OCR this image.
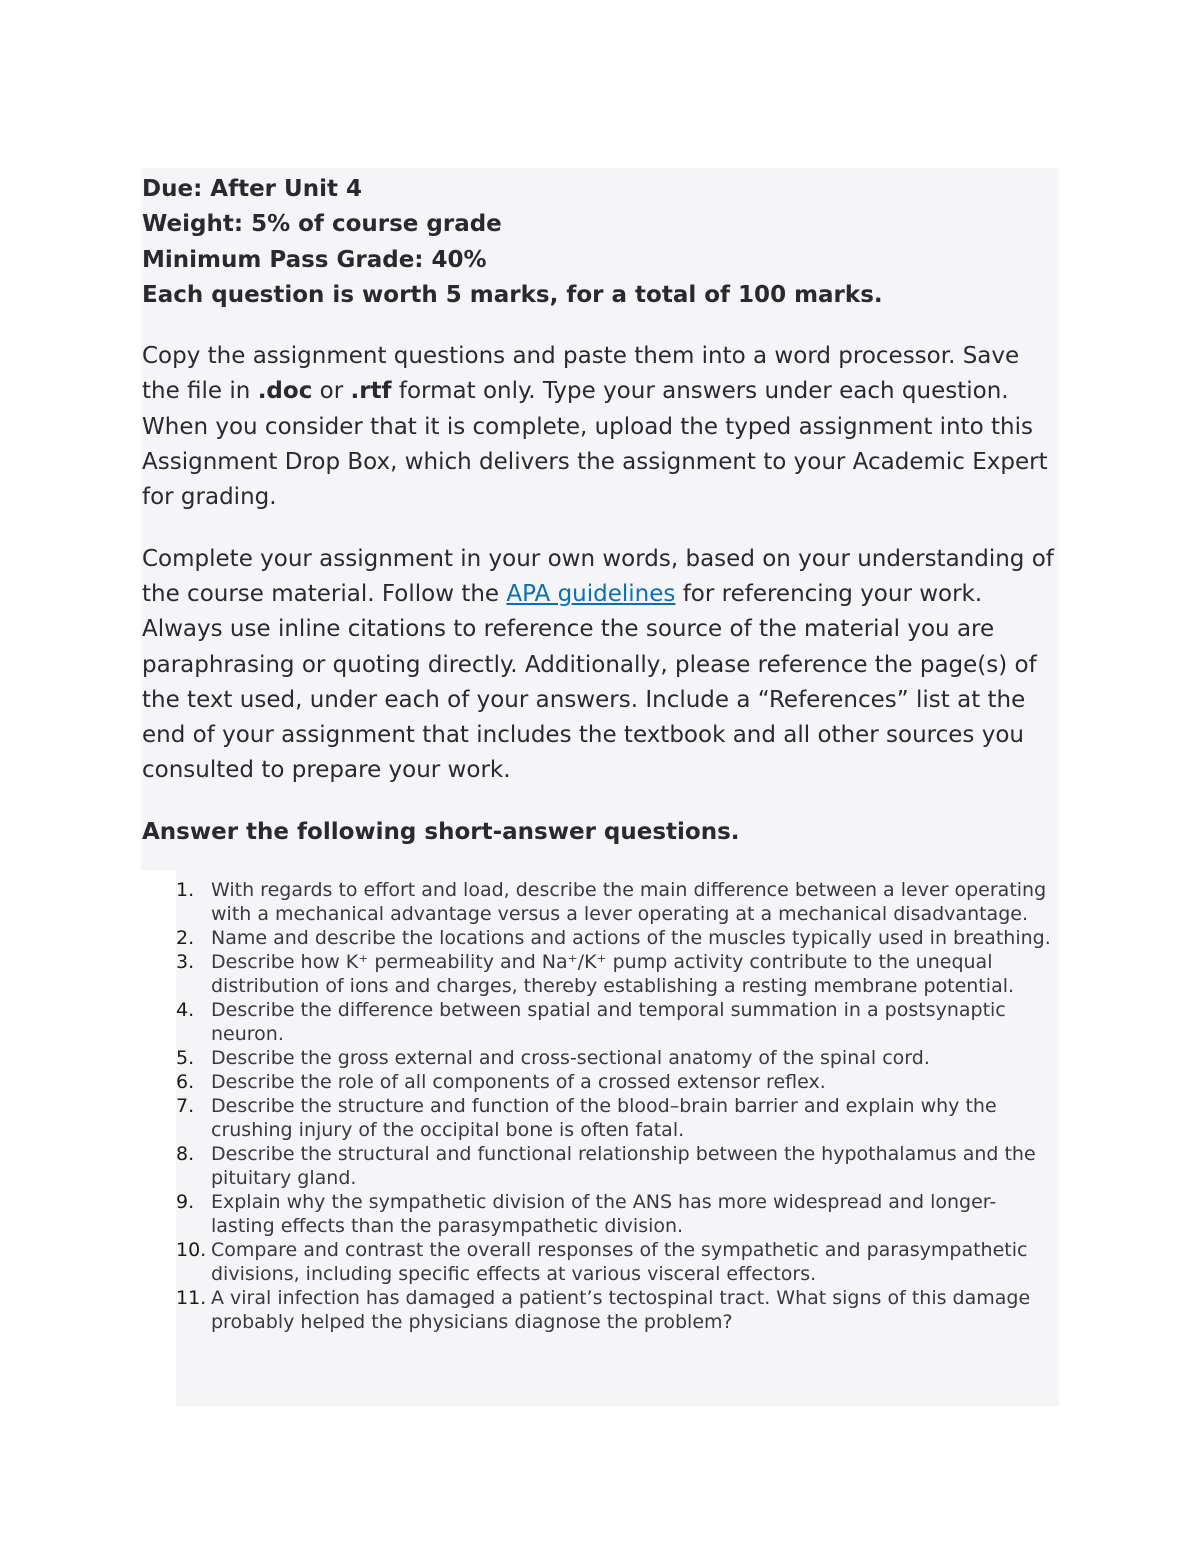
Due: After Unit 4

Weight: 5% of course grade

Minimum Pass Grade: 40%

Each question is worth 5 marks, for a total of 100 marks.

Copy the assignment questions and paste them into a word processor. Save the file in .doc or .rtf format only. Type your answers under each question. When you consider that it is complete, upload the typed assignment into this Assignment Drop Box, which delivers the assignment to your Academic Expert for grading.

Complete your assignment in your own words, based on your understanding of the course material. Follow the APA guidelines for referencing your work. Always use inline citations to reference the source of the material you are paraphrasing or quoting directly. Additionally, please reference the page(s) of the text used, under each of your answers. Include a “References” list at the end of your assignment that includes the textbook and all other sources you consulted to prepare your work.

Answer the following short-answer questions.

1. With regards to effort and load, describe the main difference between a lever operating with a mechanical advantage versus a lever operating at a mechanical disadvantage.
2. Name and describe the locations and actions of the muscles typically used in breathing.
3. Describe how K⁺ permeability and Na⁺/K⁺ pump activity contribute to the unequal distribution of ions and charges, thereby establishing a resting membrane potential.
4. Describe the difference between spatial and temporal summation in a postsynaptic neuron.
5. Describe the gross external and cross-sectional anatomy of the spinal cord.
6. Describe the role of all components of a crossed extensor reflex.
7. Describe the structure and function of the blood–brain barrier and explain why the crushing injury of the occipital bone is often fatal.
8. Describe the structural and functional relationship between the hypothalamus and the pituitary gland.
9. Explain why the sympathetic division of the ANS has more widespread and longer-lasting effects than the parasympathetic division.
10. Compare and contrast the overall responses of the sympathetic and parasympathetic divisions, including specific effects at various visceral effectors.
11. A viral infection has damaged a patient’s tectospinal tract. What signs of this damage probably helped the physicians diagnose the problem?
